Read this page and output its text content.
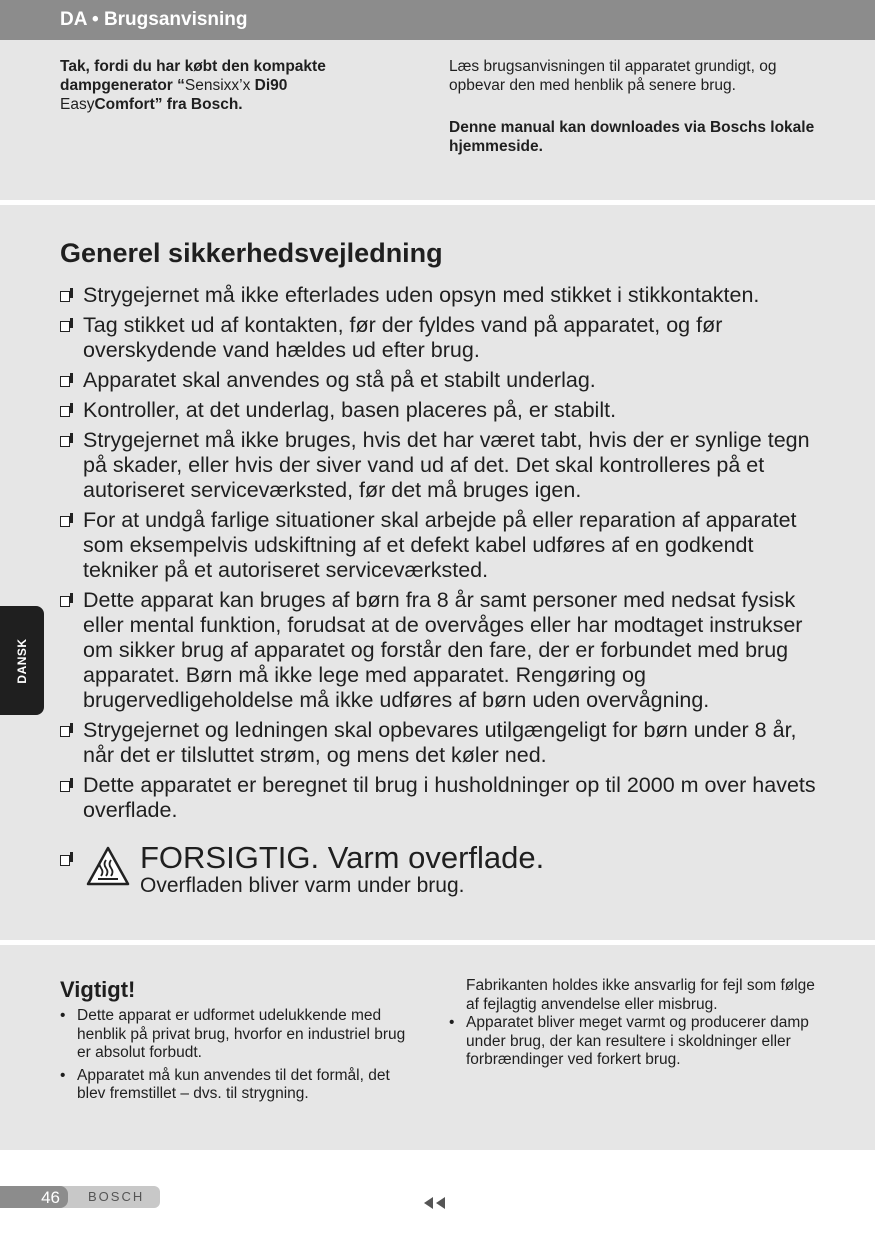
DA • Brugsanvisning
Tak, fordi du har købt den kompakte dampgenerator “Sensixx’x Di90
EasyComfort” fra Bosch.

Læs brugsanvisningen til apparatet grundigt, og opbevar den med henblik på senere brug.

Denne manual kan downloades via Boschs lokale hjemmeside.

Generel sikkerhedsvejledning
Strygejernet må ikke efterlades uden opsyn med stikket i stikkontakten.
Tag stikket ud af kontakten, før der fyldes vand på apparatet, og før overskydende vand hældes ud efter brug.
Apparatet skal anvendes og stå på et stabilt underlag.
Kontroller, at det underlag, basen placeres på, er stabilt.
Strygejernet må ikke bruges, hvis det har været tabt, hvis der er synlige tegn på skader, eller hvis der siver vand ud af det. Det skal kontrolleres på et autoriseret serviceværksted, før det må bruges igen.
For at undgå farlige situationer skal arbejde på eller reparation af apparatet som eksempelvis udskiftning af et defekt kabel udføres af en godkendt tekniker på et autoriseret serviceværksted.
Dette apparat kan bruges af børn fra 8 år samt personer med nedsat fysisk eller mental funktion, forudsat at de overvåges eller har modtaget instrukser om sikker brug af apparatet og forstår den fare, der er forbundet med brug apparatet. Børn må ikke lege med apparatet. Rengøring og brugervedligeholdelse må ikke udføres af børn uden overvågning.
Strygejernet og ledningen skal opbevares utilgængeligt for børn under 8 år, når det er tilsluttet strøm, og mens det køler ned.
Dette apparatet er beregnet til brug i husholdninger op til 2000 m over havets overflade.
FORSIGTIG. Varm overflade.
Overfladen bliver varm under brug.
Vigtigt!
• Dette apparat er udformet udelukkende med henblik på privat brug, hvorfor en industriel brug er absolut forbudt.
• Apparatet må kun anvendes til det formål, det blev fremstillet – dvs. til strygning.

Fabrikanten holdes ikke ansvarlig for fejl som følge af fejlagtig anvendelse eller misbrug.

• Apparatet bliver meget varmt og producerer damp under brug, der kan resultere i skoldninger eller forbrændinger ved forkert brug.
DANSK
46 BOSCH
